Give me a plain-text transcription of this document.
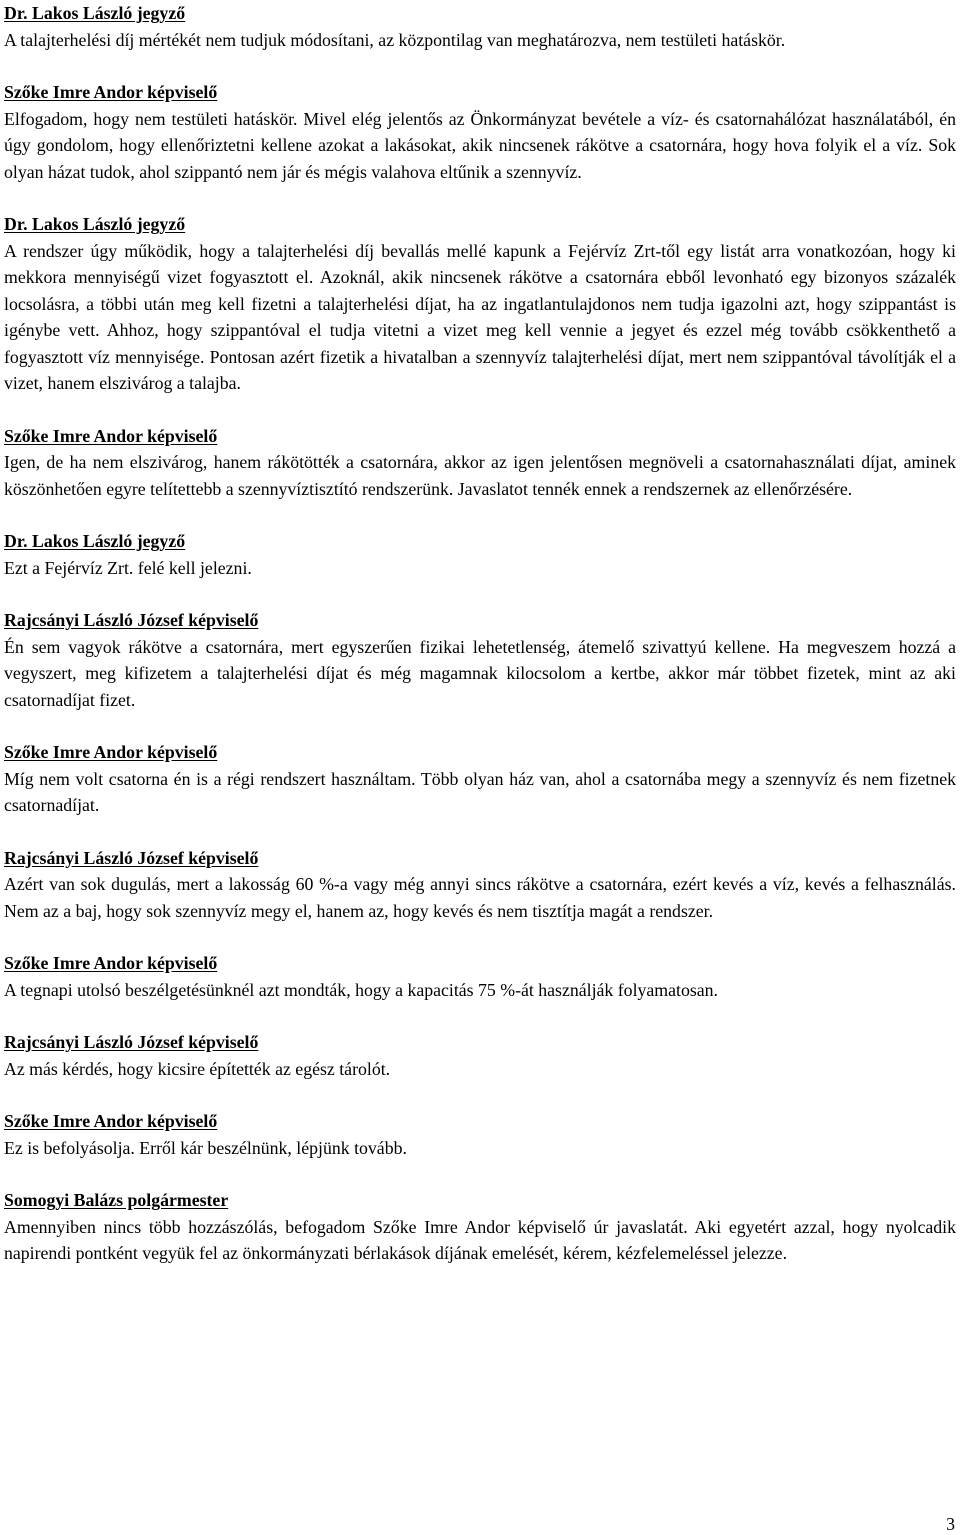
Dr. Lakos László jegyző

A talajterhelési díj mértékét nem tudjuk módosítani, az központilag van meghatározva, nem testületi hatáskör.

Szőke Imre Andor képviselő

Elfogadom, hogy nem testületi hatáskör. Mivel elég jelentős az Önkormányzat bevétele a víz- és csatornahálózat használatából, én úgy gondolom, hogy ellenőriztetni kellene azokat a lakásokat, akik nincsenek rákötve a csatornára, hogy hova folyik el a víz. Sok olyan házat tudok, ahol szippantó nem jár és mégis valahova eltűnik a szennyvíz.

Dr. Lakos László jegyző

A rendszer úgy működik, hogy a talajterhelési díj bevallás mellé kapunk a Fejérvíz Zrt-től egy listát arra vonatkozóan, hogy ki mekkora mennyiségű vizet fogyasztott el. Azoknál, akik nincsenek rákötve a csatornára ebből levonható egy bizonyos százalék locsolásra, a többi után meg kell fizetni a talajterhelési díjat, ha az ingatlantulajdonos nem tudja igazolni azt, hogy szippantást is igénybe vett. Ahhoz, hogy szippantóval el tudja vitetni a vizet meg kell vennie a jegyet és ezzel még tovább csökkenthető a fogyasztott víz mennyisége. Pontosan azért fizetik a hivatalban a szennyvíz talajterhelési díjat, mert nem szippantóval távolítják el a vizet, hanem elszivárog a talajba.

Szőke Imre Andor képviselő

Igen, de ha nem elszivárog, hanem rákötötték a csatornára, akkor az igen jelentősen megnöveli a csatornahasználati díjat, aminek köszönhetően egyre telítettebb a szennyvíztisztító rendszerünk. Javaslatot tennék ennek a rendszernek az ellenőrzésére.

Dr. Lakos László jegyző

Ezt a Fejérvíz Zrt. felé kell jelezni.

Rajcsányi László József képviselő

Én sem vagyok rákötve a csatornára, mert egyszerűen fizikai lehetetlenség, átemelő szivattyú kellene. Ha megveszem hozzá a vegyszert, meg kifizetem a talajterhelési díjat és még magamnak kilocsolom a kertbe, akkor már többet fizetek, mint az aki csatornadíjat fizet.

Szőke Imre Andor képviselő

Míg nem volt csatorna én is a régi rendszert használtam. Több olyan ház van, ahol a csatornába megy a szennyvíz és nem fizetnek csatornadíjat.

Rajcsányi László József képviselő

Azért van sok dugulás, mert a lakosság 60 %-a vagy még annyi sincs rákötve a csatornára, ezért kevés a víz, kevés a felhasználás. Nem az a baj, hogy sok szennyvíz megy el, hanem az, hogy kevés és nem tisztítja magát a rendszer.

Szőke Imre Andor képviselő

A tegnapi utolsó beszélgetésünknél azt mondták, hogy a kapacitás 75 %-át használják folyamatosan.

Rajcsányi László József képviselő

Az más kérdés, hogy kicsire építették az egész tárolót.

Szőke Imre Andor képviselő

Ez is befolyásolja. Erről kár beszélnünk, lépjünk tovább.

Somogyi Balázs polgármester

Amennyiben nincs több hozzászólás, befogadom Szőke Imre Andor képviselő úr javaslatát. Aki egyetért azzal, hogy nyolcadik napirendi pontként vegyük fel az önkormányzati bérlakások díjának emelését, kérem, kézfelemeléssel jelezze.

3
